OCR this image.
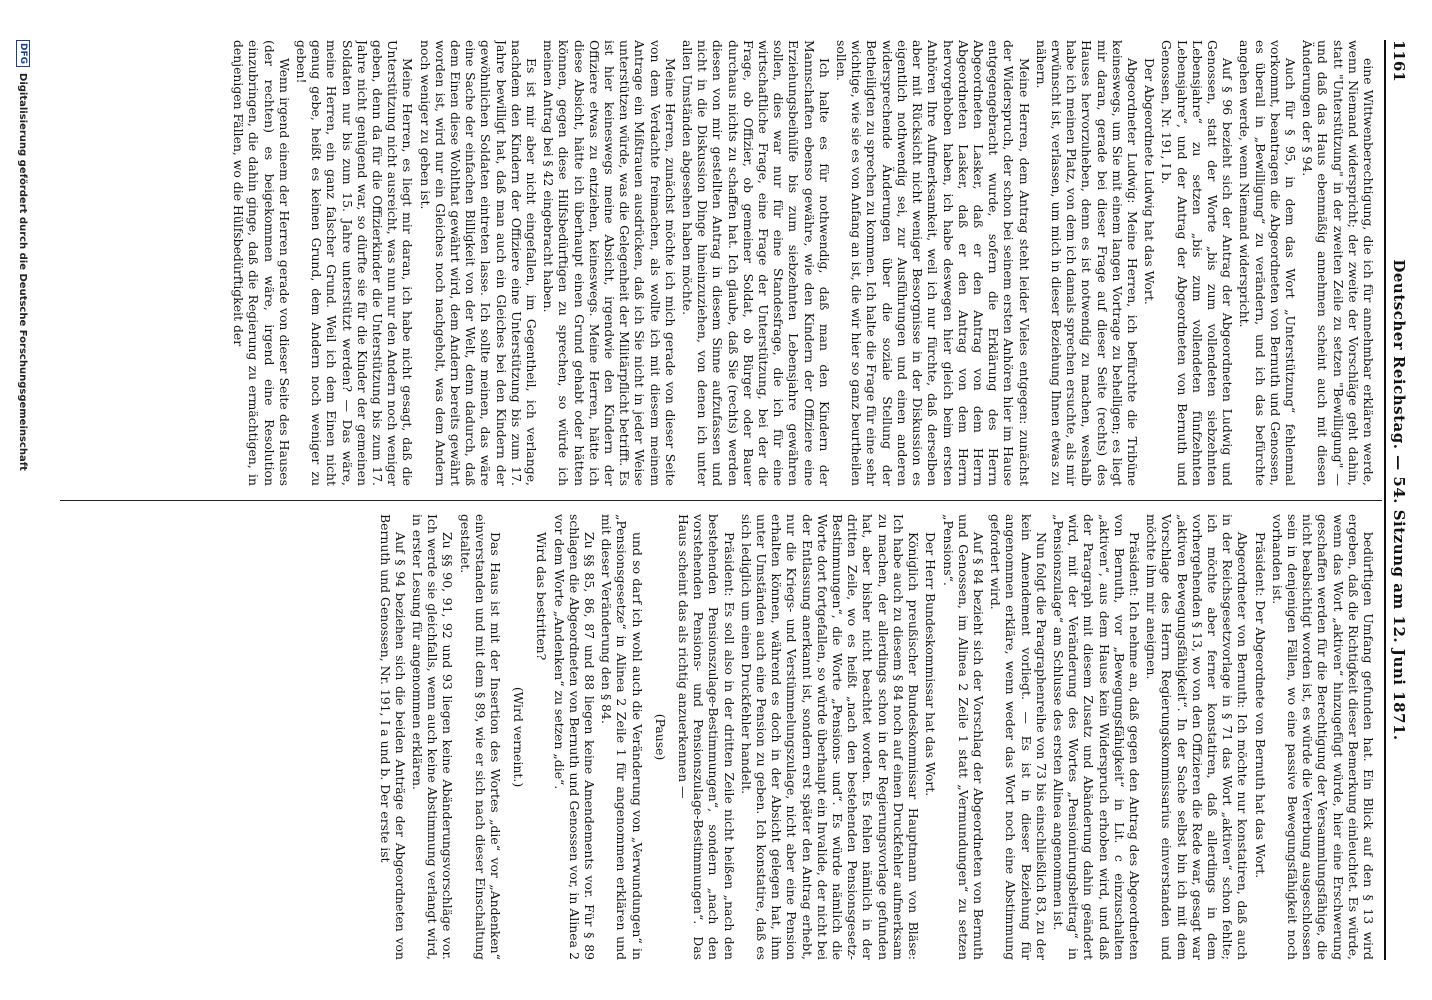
1161
Deutscher Reichstag. — 54. Sitzung am 12. Juni 1871.

eine Wittwenberechtigung, die ich für annehmbar erklären werde, wenn Niemand widerspricht; der zweite der Vorschläge geht dahin, statt "Unterstützung" in der zweiten Zeile zu setzen "Bewilligung" — und daß das Haus ebenmäßig annehmen scheint auch mit diesen Änderungen der § 94.

Auch für § 95, in dem das Wort „Unterstützung“ fehlenmal vorkommt, beantragen die Abgeordneten von Bernuth und Genossen, es überall in „Bewilligung“ zu verändern, und ich das befürchte angehen werde, wenn Niemand widerspricht.

Auf § 96 bezieht sich der Antrag der Abgeordneten Ludwig und Genossen, statt der Worte „bis zum vollendeten siebzehnten Lebensjahre“ zu setzen „bis zum vollendeten fünfzehnten Lebensjahre“, und der Antrag der Abgeordneten von Bernuth und Genossen, Nr. 191, I b.

Der Abgeordnete Ludwig hat das Wort.

Abgeordneter Ludwig: Meine Herren, ich befürchte die Tribüne keineswegs, um Sie mit einem langen Vortrage zu behelligen; es liegt mir daran, gerade bei dieser Frage auf dieser Seite (rechts) des Hauses hervorzuheben, denn es ist notwendig zu machen, weshalb habe ich meinen Platz, von dem ich damals sprechen ersuchte, als mir erwünscht ist, verlassen, um mich in dieser Beziehung Ihnen etwas zu nähern.

Meine Herren, dem Antrag steht leider Vieles entgegen: zunächst der Widerspruch, der schon bei seinem ersten Anhören hier im Hause entgegengebracht wurde, sofern die Erklärung des Herrn Abgeordneten Lasker, daß er den Antrag von dem Herrn Abgeordneten Lasker, daß er den Antrag von dem Herrn hervorgehoben haben, ich habe deswegen hier gleich beim ersten Anhören Ihre Aufmerksamkeit, weil ich nur fürchte, daß derselben aber mit Rücksicht nicht weniger Besorgnisse in der Diskussion es eigentlich nothwendig sei, zur Ausführungen und einen anderen widersprechende Änderungen über die soziale Stellung der Betheiligten zu sprechen zu kommen. Ich halte die Frage für eine sehr wichtige, wie sie es von Anfang an ist, die wir hier so ganz beurtheilen sollen.

Ich halte es für nothwendig, daß man den Kindern der Mannschaften ebenso gewähre, wie den Kindern der Offiziere eine Erziehungsbeihülfe bis zum siebzehnten Lebensjahre gewähren sollen, dies war nur für eine Standesfrage, die ich für eine wirtschaftliche Frage, eine Frage der Unterstützung, bei der die Frage, ob Offizier, ob gemeiner Soldat, ob Bürger oder Bauer durchaus nichts zu schaffen hat. Ich glaube, daß Sie (rechts) werden diesen von mir gestellten Antrag in diesem Sinne aufzufassen und nicht in die Diskussion Dinge hineinzuziehen, von denen ich unter allen Umständen abgesehen haben möchte.

Meine Herren, zunächst möchte ich mich gerade von dieser Seite von dem Verdachte freimachen, als wollte ich mit diesem meinem Antrage ein Mißtrauen ausdrücken, daß ich Sie nicht in jeder Weise unterstützen würde, was die Gelegenheit der Militärpflicht betrifft. Es ist hier keineswegs meine Absicht, irgendwie den Kindern der Offiziere etwas zu entziehen, keineswegs. Meine Herren, hätte ich diese Absicht, hätte ich überhaupt einen Grund gehabt oder hätten können, gegen diese Hilfsbedürftigen zu sprechen, so würde ich meinen Antrag bei § 42 eingebracht haben.

Es ist mir aber nicht eingefallen, im Gegentheil, ich verlange, nachdem den Kindern der Offiziere eine Unterstützung bis zum 17. Jahre bewilligt hat, daß man auch ein Gleiches bei den Kindern der gewöhnlichen Soldaten eintreten lasse. Ich sollte meinen, das wäre eine Sache der einfachen Billigkeit von der Welt, denn dadurch, daß dem Einen diese Wohlthat gewährt wird, dem Andern bereits gewährt worden ist, wird nur ein Gleiches noch nachgeholt, was dem Andern noch weniger zu geben ist.

Meine Herren, es liegt mir daran, ich habe nicht gesagt, daß die Unterstützung nicht ausreicht, was nun nur den Andern noch weniger geben, denn da für die Offizierkinder die Unterstützung bis zum 17. Jahre nicht genügend war, so dürfte sie für die Kinder der gemeinen Soldaten nur bis zum 15. Jahre unterstützt werden? — Das wäre, meine Herren, ein ganz falscher Grund. Weil ich dem Einen nicht genug gebe, heißt es keinen Grund, dem Andern noch weniger zu geben!

Wenn irgend einem der Herren gerade von dieser Seite des Hauses (der rechten) es beigekommen wäre, irgend eine Resolution einzubringen, die dahin ginge, daß die Regierung zu ermächtigen, in denjenigen Fällen, wo die Hülfsbedürftigkeit der

bedürftigen Umfang gefunden hat. Ein Blick auf den § 13 wird ergeben, daß die Richtigkeit dieser Bemerkung einleuchtet. Es würde, wenn das Wort „aktiven“ hinzugefügt würde, hier eine Erschwerung geschaffen werden für die Berechtigung der Versammlungsfähige, die nicht beabsichtigt worden ist, es würde die Vererbung ausgeschlossen sein in denjenigen Fällen, wo eine passive Bewegungsfähigkeit noch vorhanden ist.

Präsident: Der Abgeordnete von Bernuth hat das Wort.

Abgeordneter von Bernuth: Ich möchte nur konstatiren, daß auch in der Reichsgesetzvorlage in § 71 das Wort „aktiven“ schon fehlte; ich möchte aber ferner konstatiren, daß allerdings in dem vorhergehenden § 13, wo von den Offizieren die Rede war, gesagt war „aktiven Bewegungsfähigkeit“. In der Sache selbst bin ich mit dem Vorschlage des Herrn Regierungskommissarius einverstanden und möchte ihm mir aneignen.

Präsident: Ich nehme an, daß gegen den Antrag des Abgeordneten von Bernuth, vor „Bewegungsfähigkeit“ in Lit. c einzuschalten „aktiven“, aus dem Hause kein Widerspruch erhoben wird, und daß der Paragraph mit diesem Zusatz und Abänderung dahin geändert wird, mit der Veränderung des Wortes „Pensionirungsbeitrag“ in „Pensionszulage“ am Schlusse des ersten Alinea angenommen ist.

Nun folgt die Paragraphenreihe von 73 bis einschließlich 83, zu der kein Amendement vorliegt. — Es ist in dieser Beziehung für angenommen erkläre, wenn weder das Wort noch eine Abstimmung gefordert wird.

Auf § 84 bezieht sich der Vorschlag der Abgeordneten von Bernuth und Genossen, im Alinea 2 Zeile 1 statt „Vermundungen“ zu setzen „Pensions“.

Der Herr Bundeskommissar hat das Wort.

Königlich preußischer Bundeskommissar Hauptmann von Bläse: Ich habe auch zu diesem § 84 noch auf einen Druckfehler aufmerksam zu machen, der allerdings schon in der Regierungsvorlage gefunden hat, aber bisher nicht beachtet worden. Es fehlen nämlich in der dritten Zeile, wo es heißt „nach den bestehenden Pensionsgesetz-Bestimmungen“, die Worte „Pensions- und“. Es würde nämlich die Worte dort fortgefallen, so würde überhaupt ein Invalide, der nicht bei der Entlassung anerkannt ist, sondern erst später den Antrag erhebt, nur die Kriegs- und Verstümmelungszulage, nicht aber eine Pension erhalten können, während es doch in der Absicht gelegen hat, ihm unter Umständen auch eine Pension zu geben. Ich konstatire, daß es sich lediglich um einen Druckfehler handelt.

Präsident: Es soll also in der dritten Zeile nicht heißen „nach den bestehenden Pensionszulage-Bestimmungen“, sondern „nach den vorstehenden Pensions- und Pensionszulage-Bestimmungen“. Das Haus scheint das als richtig anzuerkennen —

(Pause)

und so darf ich wohl auch die Veränderung von „Verwundungen“ in „Pensionsgesetze“ in Alinea 2 Zeile 1 für angenommen erklären und mit dieser Veränderung den § 84.

Zu §§ 85, 86, 87 und 88 liegen keine Amendements vor. Für § 89 schlagen die Abgeordneten von Bernuth und Genossen vor, in Alinea 2 vor dem Worte „Andenken“ zu setzen „die“.

Wird das bestritten?

(Wird verneint.)

Das Haus ist mit der Insertion des Wortes „die“ vor „Andenken“ einverstanden und mit dem § 89, wie er sich nach dieser Einschaltung gestaltet.

Zu §§ 90, 91, 92 und 93 liegen keine Abänderungsvorschläge vor. Ich werde sie gleichfalls, wenn auch keine Abstimmung verlangt wird, in erster Lesung für angenommen erklären.

Auf § 94 beziehen sich die beiden Anträge der Abgeordneten von Bernuth und Genossen, Nr. 191, I a und b. Der erste ist

DFG
Digitalisierung gefördert durch die Deutsche Forschungsgemeinschaft
